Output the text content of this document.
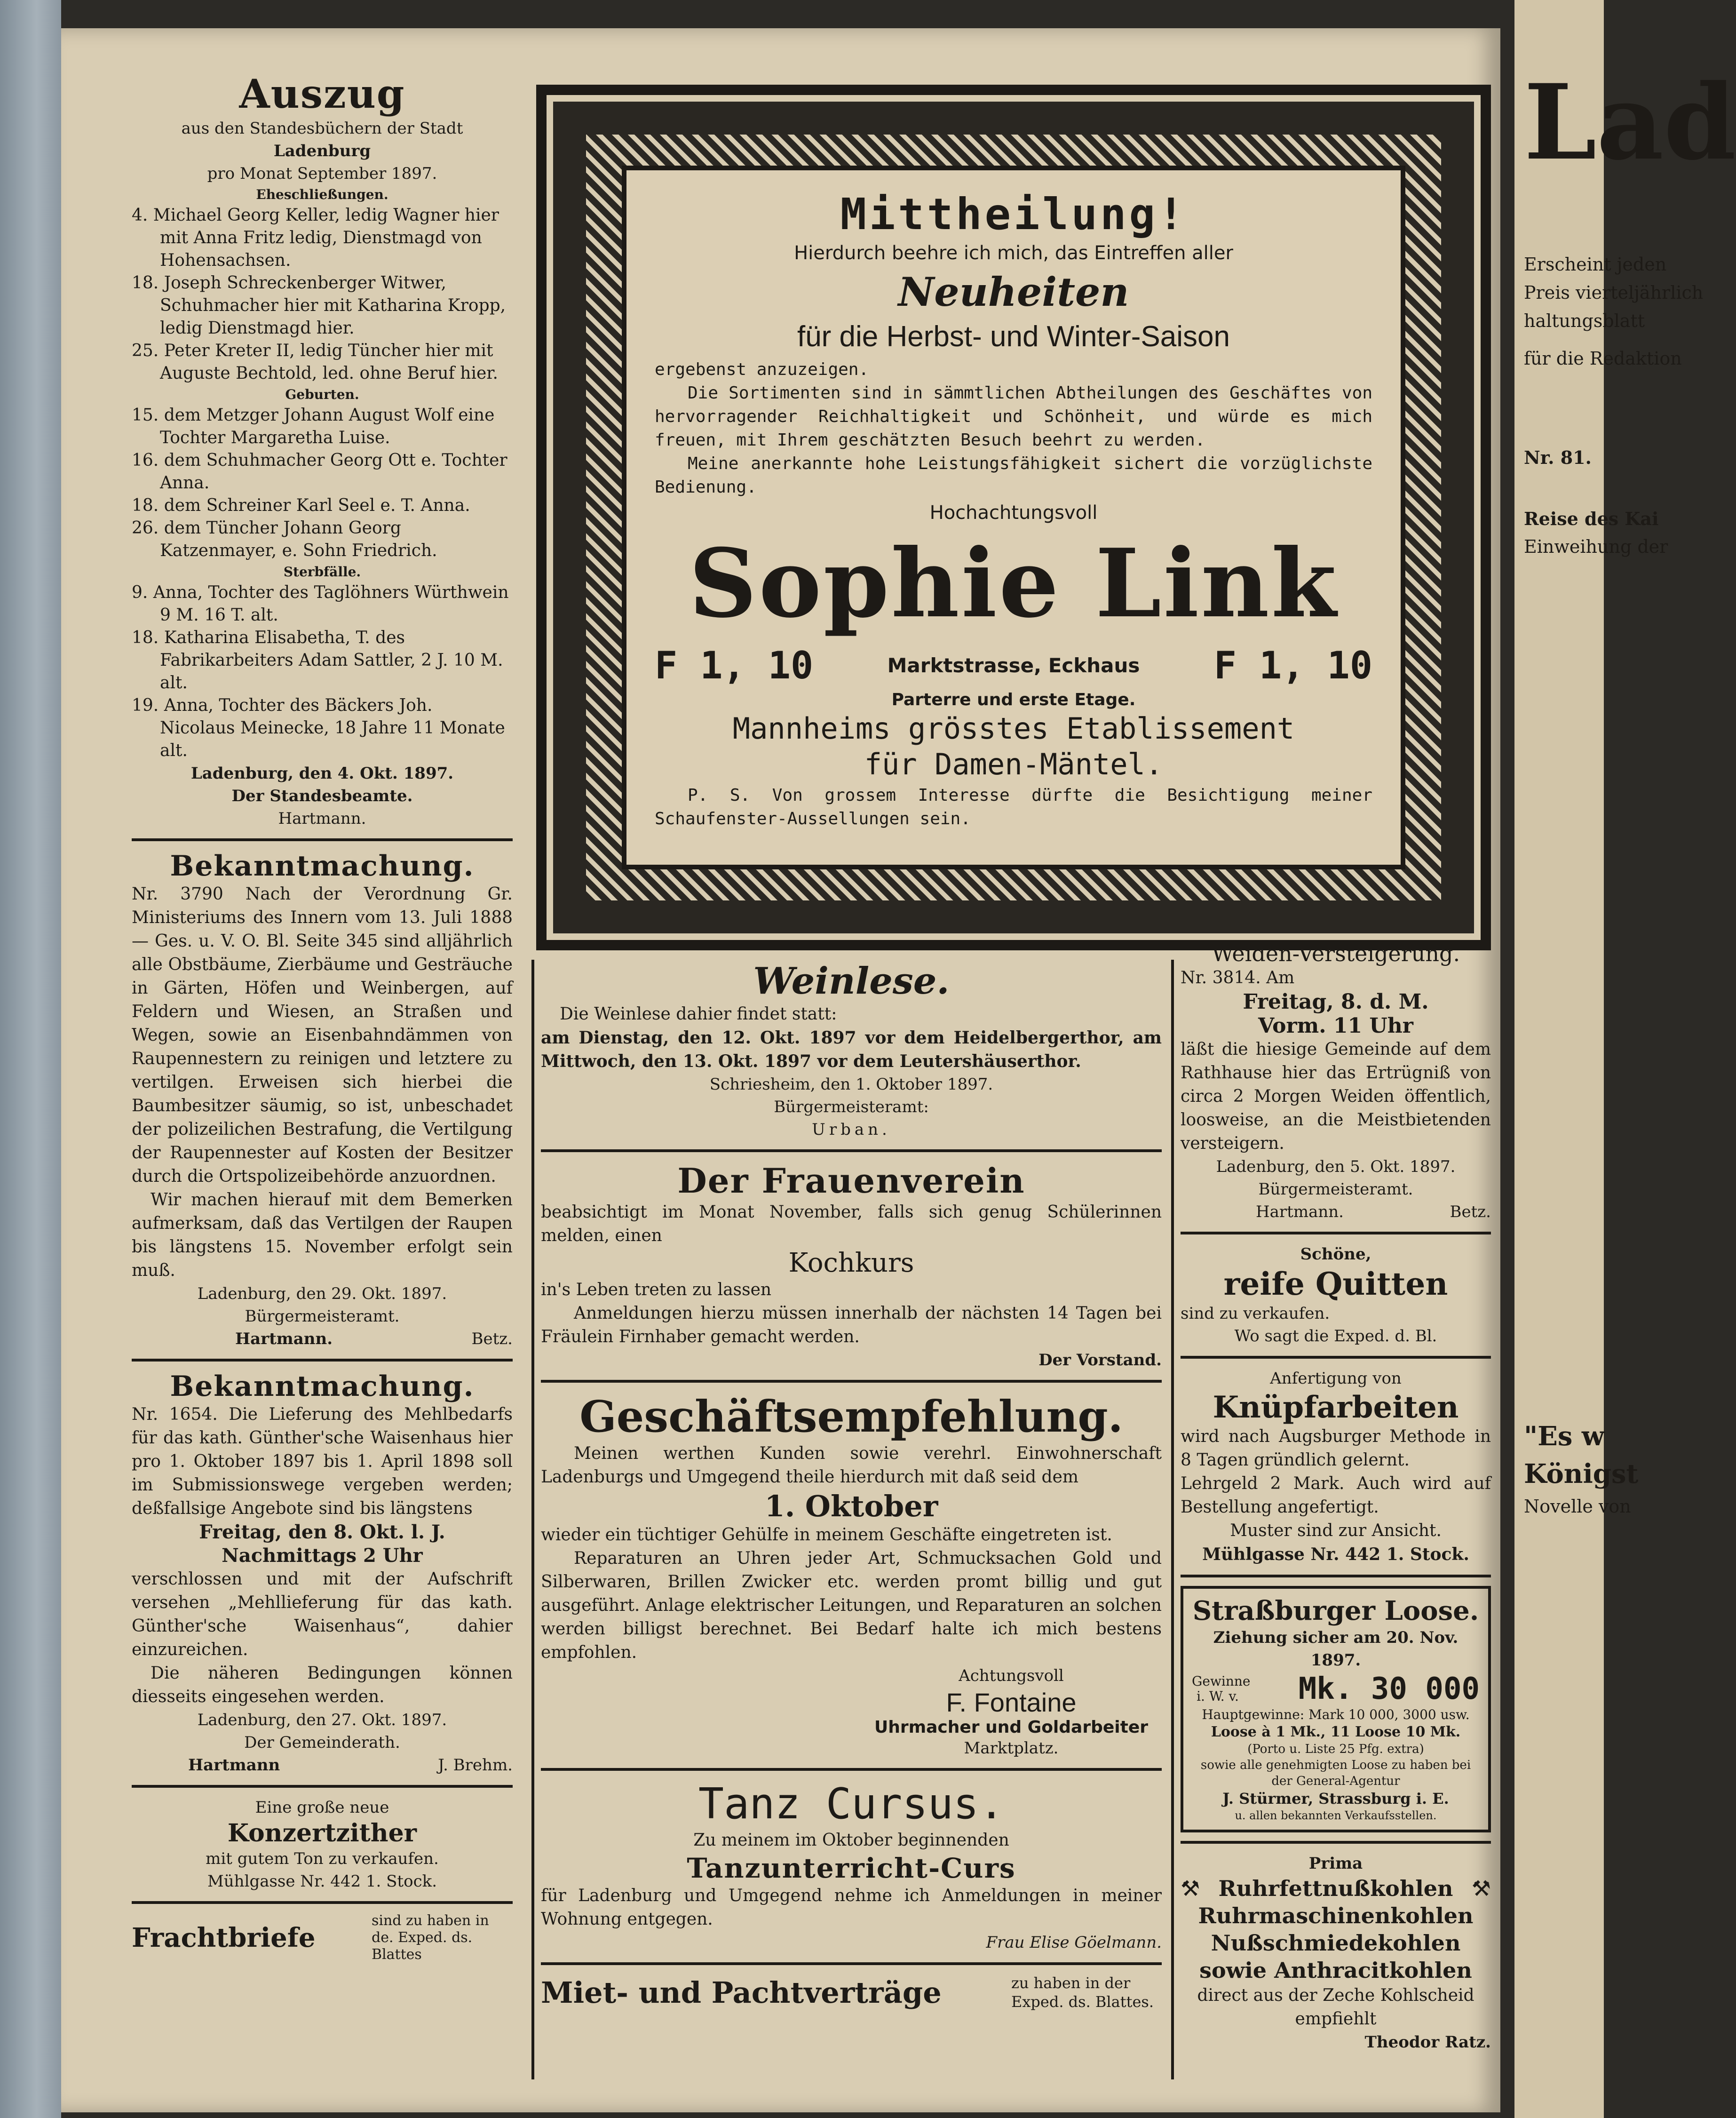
Auszug
aus den Standesbüchern der Stadt
Ladenburg
pro Monat September 1897.
Eheschließungen.

4. Michael Georg Keller, ledig Wagner hier mit Anna Fritz ledig, Dienstmagd von Hohensachsen.

18. Joseph Schreckenberger Witwer, Schuhmacher hier mit Katharina Kropp, ledig Dienstmagd hier.

25. Peter Kreter II, ledig Tüncher hier mit Auguste Bechtold, led. ohne Beruf hier.

Geburten.

15. dem Metzger Johann August Wolf eine Tochter Margaretha Luise.

16. dem Schuhmacher Georg Ott e. Tochter Anna.

18. dem Schreiner Karl Seel e. T. Anna.

26. dem Tüncher Johann Georg Katzenmayer, e. Sohn Friedrich.

Sterbfälle.

9. Anna, Tochter des Taglöhners Würthwein 9 M. 16 T. alt.

18. Katharina Elisabetha, T. des Fabrikarbeiters Adam Sattler, 2 J. 10 M. alt.

19. Anna, Tochter des Bäckers Joh. Nicolaus Meinecke, 18 Jahre 11 Monate alt.

Ladenburg, den 4. Okt. 1897.

Der Standesbeamte.

Hartmann.

Bekanntmachung.

Nr. 3790 Nach der Verordnung Gr. Ministeriums des Innern vom 13. Juli 1888 — Ges. u. V. O. Bl. Seite 345 sind alljährlich alle Obstbäume, Zierbäume und Gesträuche in Gärten, Höfen und Weinbergen, auf Feldern und Wiesen, an Straßen und Wegen, sowie an Eisenbahndämmen von Raupennestern zu reinigen und letztere zu vertilgen. Erweisen sich hierbei die Baumbesitzer säumig, so ist, unbeschadet der polizeilichen Bestrafung, die Vertilgung der Raupennester auf Kosten der Besitzer durch die Ortspolizeibehörde anzuordnen.

Wir machen hierauf mit dem Bemerken aufmerksam, daß das Vertilgen der Raupen bis längstens 15. November erfolgt sein muß.

Ladenburg, den 29. Okt. 1897.

Bürgermeisteramt.

Hartmann.	Betz.
Bekanntmachung.

Nr. 1654. Die Lieferung des Mehlbedarfs für das kath. Günther'sche Waisenhaus hier pro 1. Oktober 1897 bis 1. April 1898 soll im Submissionswege vergeben werden; deßfallsige Angebote sind bis längstens

Freitag, den 8. Okt. l. J.

Nachmittags 2 Uhr

verschlossen und mit der Aufschrift versehen „Mehllieferung für das kath. Günther'sche Waisenhaus“, dahier einzureichen.

Die näheren Bedingungen können diesseits eingesehen werden.

Ladenburg, den 27. Okt. 1897.

Der Gemeinderath.

Hartmann	J. Brehm.
Eine große neue
Konzertzither
mit gutem Ton zu verkaufen.
Mühlgasse Nr. 442 1. Stock.
Frachtbriefe
sind zu haben in de. Exped. ds. Blattes

Mittheilung!

Hierdurch beehre ich mich, das Eintreffen aller

Neuheiten

für die Herbst- und Winter-Saison

ergebenst anzuzeigen.

Die Sortimenten sind in sämmtlichen Abtheilungen des Geschäftes von hervorragender Reichhaltigkeit und Schönheit, und würde es mich freuen, mit Ihrem geschätzten Besuch beehrt zu werden.

Meine anerkannte hohe Leistungsfähigkeit sichert die vorzüglichste Bedienung.

Hochachtungsvoll

Sophie Link

F 1, 10	Marktstrasse, Eckhaus F 1, 10

Parterre und erste Etage.

Mannheims grösstes Etablissement

für Damen-Mäntel.

P. S. Von grossem Interesse dürfte die Besichtigung meiner Schaufenster-Aussellungen sein.

Weinlese.

Die Weinlese dahier findet statt:

am Dienstag, den 12. Okt. 1897 vor dem Heidelbergerthor, am Mittwoch, den 13. Okt. 1897 vor dem Leutershäuserthor.

Schriesheim, den 1. Oktober 1897.

Bürgermeisteramt:

Urban.

Der Frauenverein

beabsichtigt im Monat November, falls sich genug Schülerinnen melden, einen

Kochkurs

in's Leben treten zu lassen

Anmeldungen hierzu müssen innerhalb der nächsten 14 Tagen bei Fräulein Firnhaber gemacht werden.

Der Vorstand.

Geschäftsempfehlung.

Meinen werthen Kunden sowie verehrl. Einwohnerschaft Ladenburgs und Umgegend theile hierdurch mit daß seid dem

1. Oktober

wieder ein tüchtiger Gehülfe in meinem Geschäfte eingetreten ist.

Reparaturen an Uhren jeder Art, Schmucksachen Gold und Silberwaren, Brillen Zwicker etc. werden promt billig und gut ausgeführt. Anlage elektrischer Leitungen, und Reparaturen an solchen werden billigst berechnet. Bei Bedarf halte ich mich bestens empfohlen.

Achtungsvoll
F. Fontaine
Uhrmacher und Goldarbeiter
Marktplatz.
Tanz Cursus.

Zu meinem im Oktober beginnenden

Tanzunterricht-Curs

für Ladenburg und Umgegend nehme ich Anmeldungen in meiner Wohnung entgegen.

Frau Elise Göelmann.

Miet- und Pachtverträge	zu haben in der Exped. ds. Blattes.
Weiden-Versteigerung.

Nr. 3814. Am

Freitag, 8. d. M.
Vorm. 11 Uhr

läßt die hiesige Gemeinde auf dem Rathhause hier das Ertrügniß von circa 2 Morgen Weiden öffentlich, loosweise, an die Meistbietenden versteigern.

Ladenburg, den 5. Okt. 1897.

Bürgermeisteramt.

Hartmann.	Betz.
Schöne,
reife Quitten
sind zu verkaufen.
Wo sagt die Exped. d. Bl.
Anfertigung von
Knüpfarbeiten

wird nach Augsburger Methode in 8 Tagen gründlich gelernt.

Lehrgeld 2 Mark. Auch wird auf Bestellung angefertigt.

Muster sind zur Ansicht.

Mühlgasse Nr. 442 1. Stock.

Straßburger Loose.
Ziehung sicher am 20. Nov. 1897.
Gewinne i. W. v. Mk. 30 000
Hauptgewinne: Mark 10 000, 3000 usw.
Loose à 1 Mk., 11 Loose 10 Mk.
(Porto u. Liste 25 Pfg. extra)
sowie alle genehmigten Loose zu haben bei der General-Agentur
J. Stürmer, Strassburg i. E.
u. allen bekannten Verkaufsstellen.
Prima
⚒ Ruhrfettnußkohlen ⚒

Ruhrmaschinenkohlen

Nußschmiedekohlen

sowie Anthracitkohlen

direct aus der Zeche Kohlscheid empfiehlt

Theodor Ratz.

Lad
Erscheint jeden
Preis vierteljährlich
haltungsblatt
für die Redaktion
Nr. 81.
Reise des Kai
Einweihung der
"Es w
Königst
Novelle von
